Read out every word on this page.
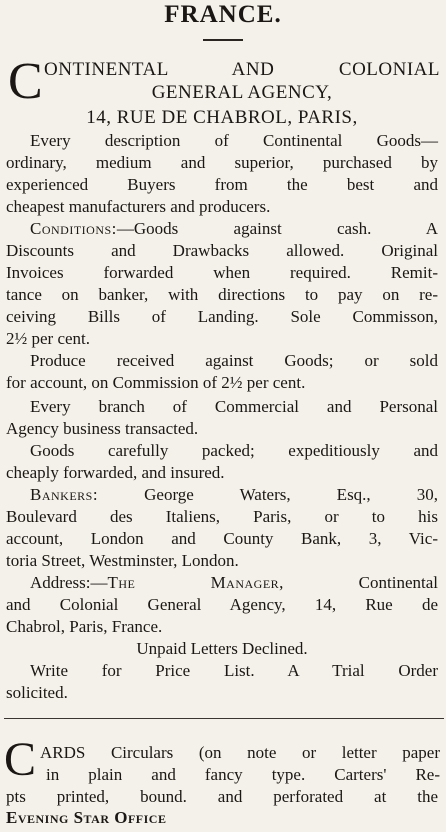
FRANCE.
C ONTINENTAL AND COLONIAL
GENERAL AGENCY,
14, RUE DE CHABROL, PARIS,
Every description of Continental Goods—
ordinary, medium and superior, purchased by
experienced Buyers from the best and
cheapest manufacturers and producers.
Conditions:—Goods against cash. A
Discounts and Drawbacks allowed. Original
Invoices forwarded when required. Remit-
tance on banker, with directions to pay on re-
ceiving Bills of Landing. Sole Commisson,
2½ per cent.
Produce received against Goods; or sold
for account, on Commission of 2½ per cent.
Every branch of Commercial and Personal
Agency business transacted.
Goods carefully packed; expeditiously and
cheaply forwarded, and insured.
Bankers: George Waters, Esq., 30,
Boulevard des Italiens, Paris, or to his
account, London and County Bank, 3, Vic-
toria Street, Westminster, London.
Address:—The Manager, Continental
and Colonial General Agency, 14, Rue de
Chabrol, Paris, France.
Unpaid Letters Declined.
Write for Price List. A Trial Order
solicited.
C ARDS Circulars (on note or letter paper
in plain and fancy type. Carters' Re-
pts printed, bound. and perforated at the
Evening Star Office
